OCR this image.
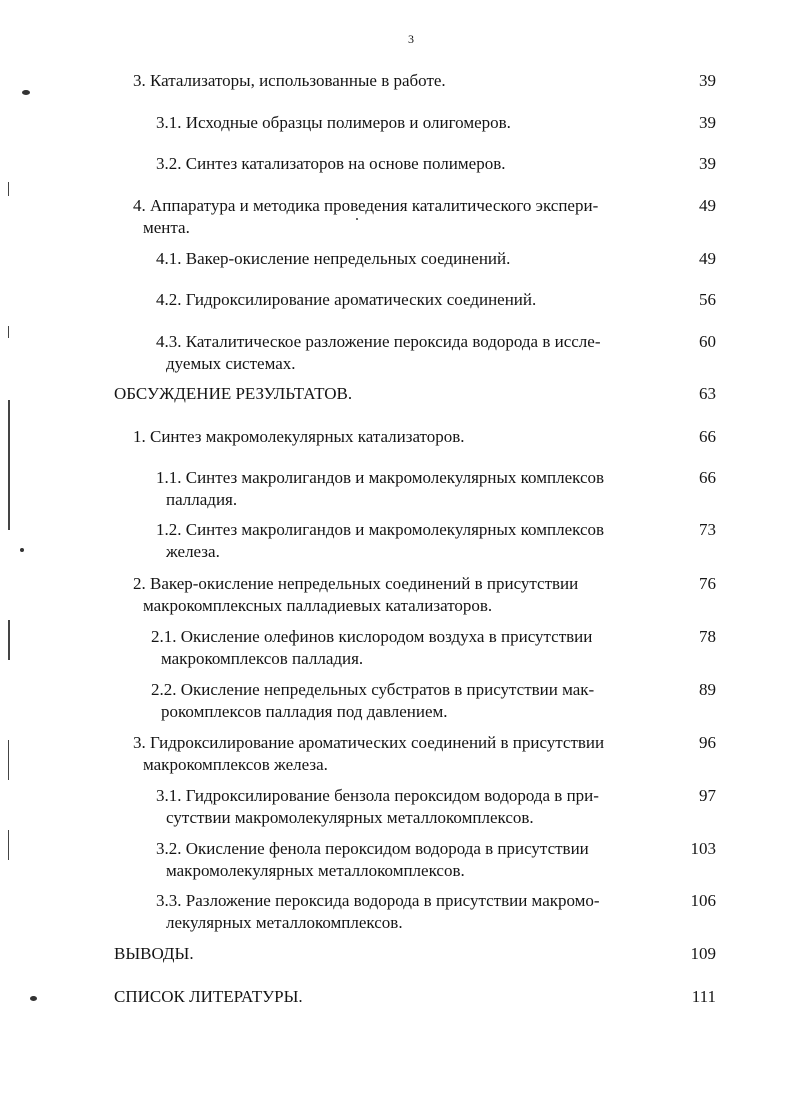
3
3. Катализаторы, использованные в работе.	39
3.1. Исходные образцы полимеров и олигомеров.	39
3.2. Синтез катализаторов на основе полимеров.	39
4. Аппаратура и методика проведения каталитического экспери-
мента.
49
4.1. Вакер-окисление непредельных соединений.	49
4.2. Гидроксилирование ароматических соединений.	56
4.3. Каталитическое разложение пероксида водорода в иссле-
дуемых системах.
60
ОБСУЖДЕНИЕ РЕЗУЛЬТАТОВ.	63
1. Синтез макромолекулярных катализаторов.	66
1.1. Синтез макролигандов и макромолекулярных комплексов
палладия.
66
1.2. Синтез макролигандов и макромолекулярных комплексов
железа.
73
2. Вакер-окисление непредельных соединений в присутствии
макрокомплексных палладиевых катализаторов.
76
2.1. Окисление олефинов кислородом воздуха в присутствии
макрокомплексов палладия.
78
2.2. Окисление непредельных субстратов в присутствии мак-
рокомплексов палладия под давлением.
89
3. Гидроксилирование ароматических соединений в присутствии
макрокомплексов железа.
96
3.1. Гидроксилирование бензола пероксидом водорода в при-
сутствии макромолекулярных металлокомплексов.
97
3.2. Окисление фенола пероксидом водорода в присутствии
макромолекулярных металлокомплексов.
103
3.3. Разложение пероксида водорода в присутствии макромо-
лекулярных металлокомплексов.
106
ВЫВОДЫ.	109
СПИСОК ЛИТЕРАТУРЫ.	111
